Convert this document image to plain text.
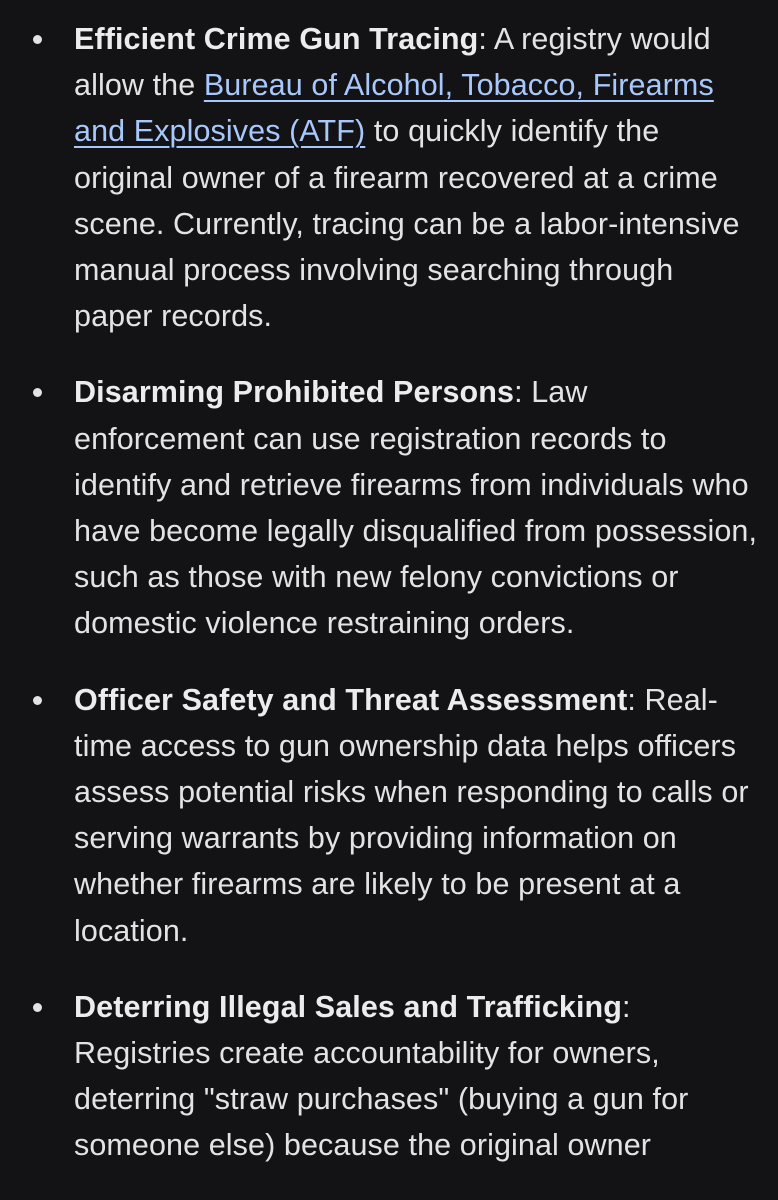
Efficient Crime Gun Tracing: A registry would allow the Bureau of Alcohol, Tobacco, Firearms and Explosives (ATF) to quickly identify the original owner of a firearm recovered at a crime scene. Currently, tracing can be a labor-intensive manual process involving searching through paper records.
Disarming Prohibited Persons: Law enforcement can use registration records to identify and retrieve firearms from individuals who have become legally disqualified from possession, such as those with new felony convictions or domestic violence restraining orders.
Officer Safety and Threat Assessment: Real-time access to gun ownership data helps officers assess potential risks when responding to calls or serving warrants by providing information on whether firearms are likely to be present at a location.
Deterring Illegal Sales and Trafficking: Registries create accountability for owners, deterring "straw purchases" (buying a gun for someone else) because the original owner
